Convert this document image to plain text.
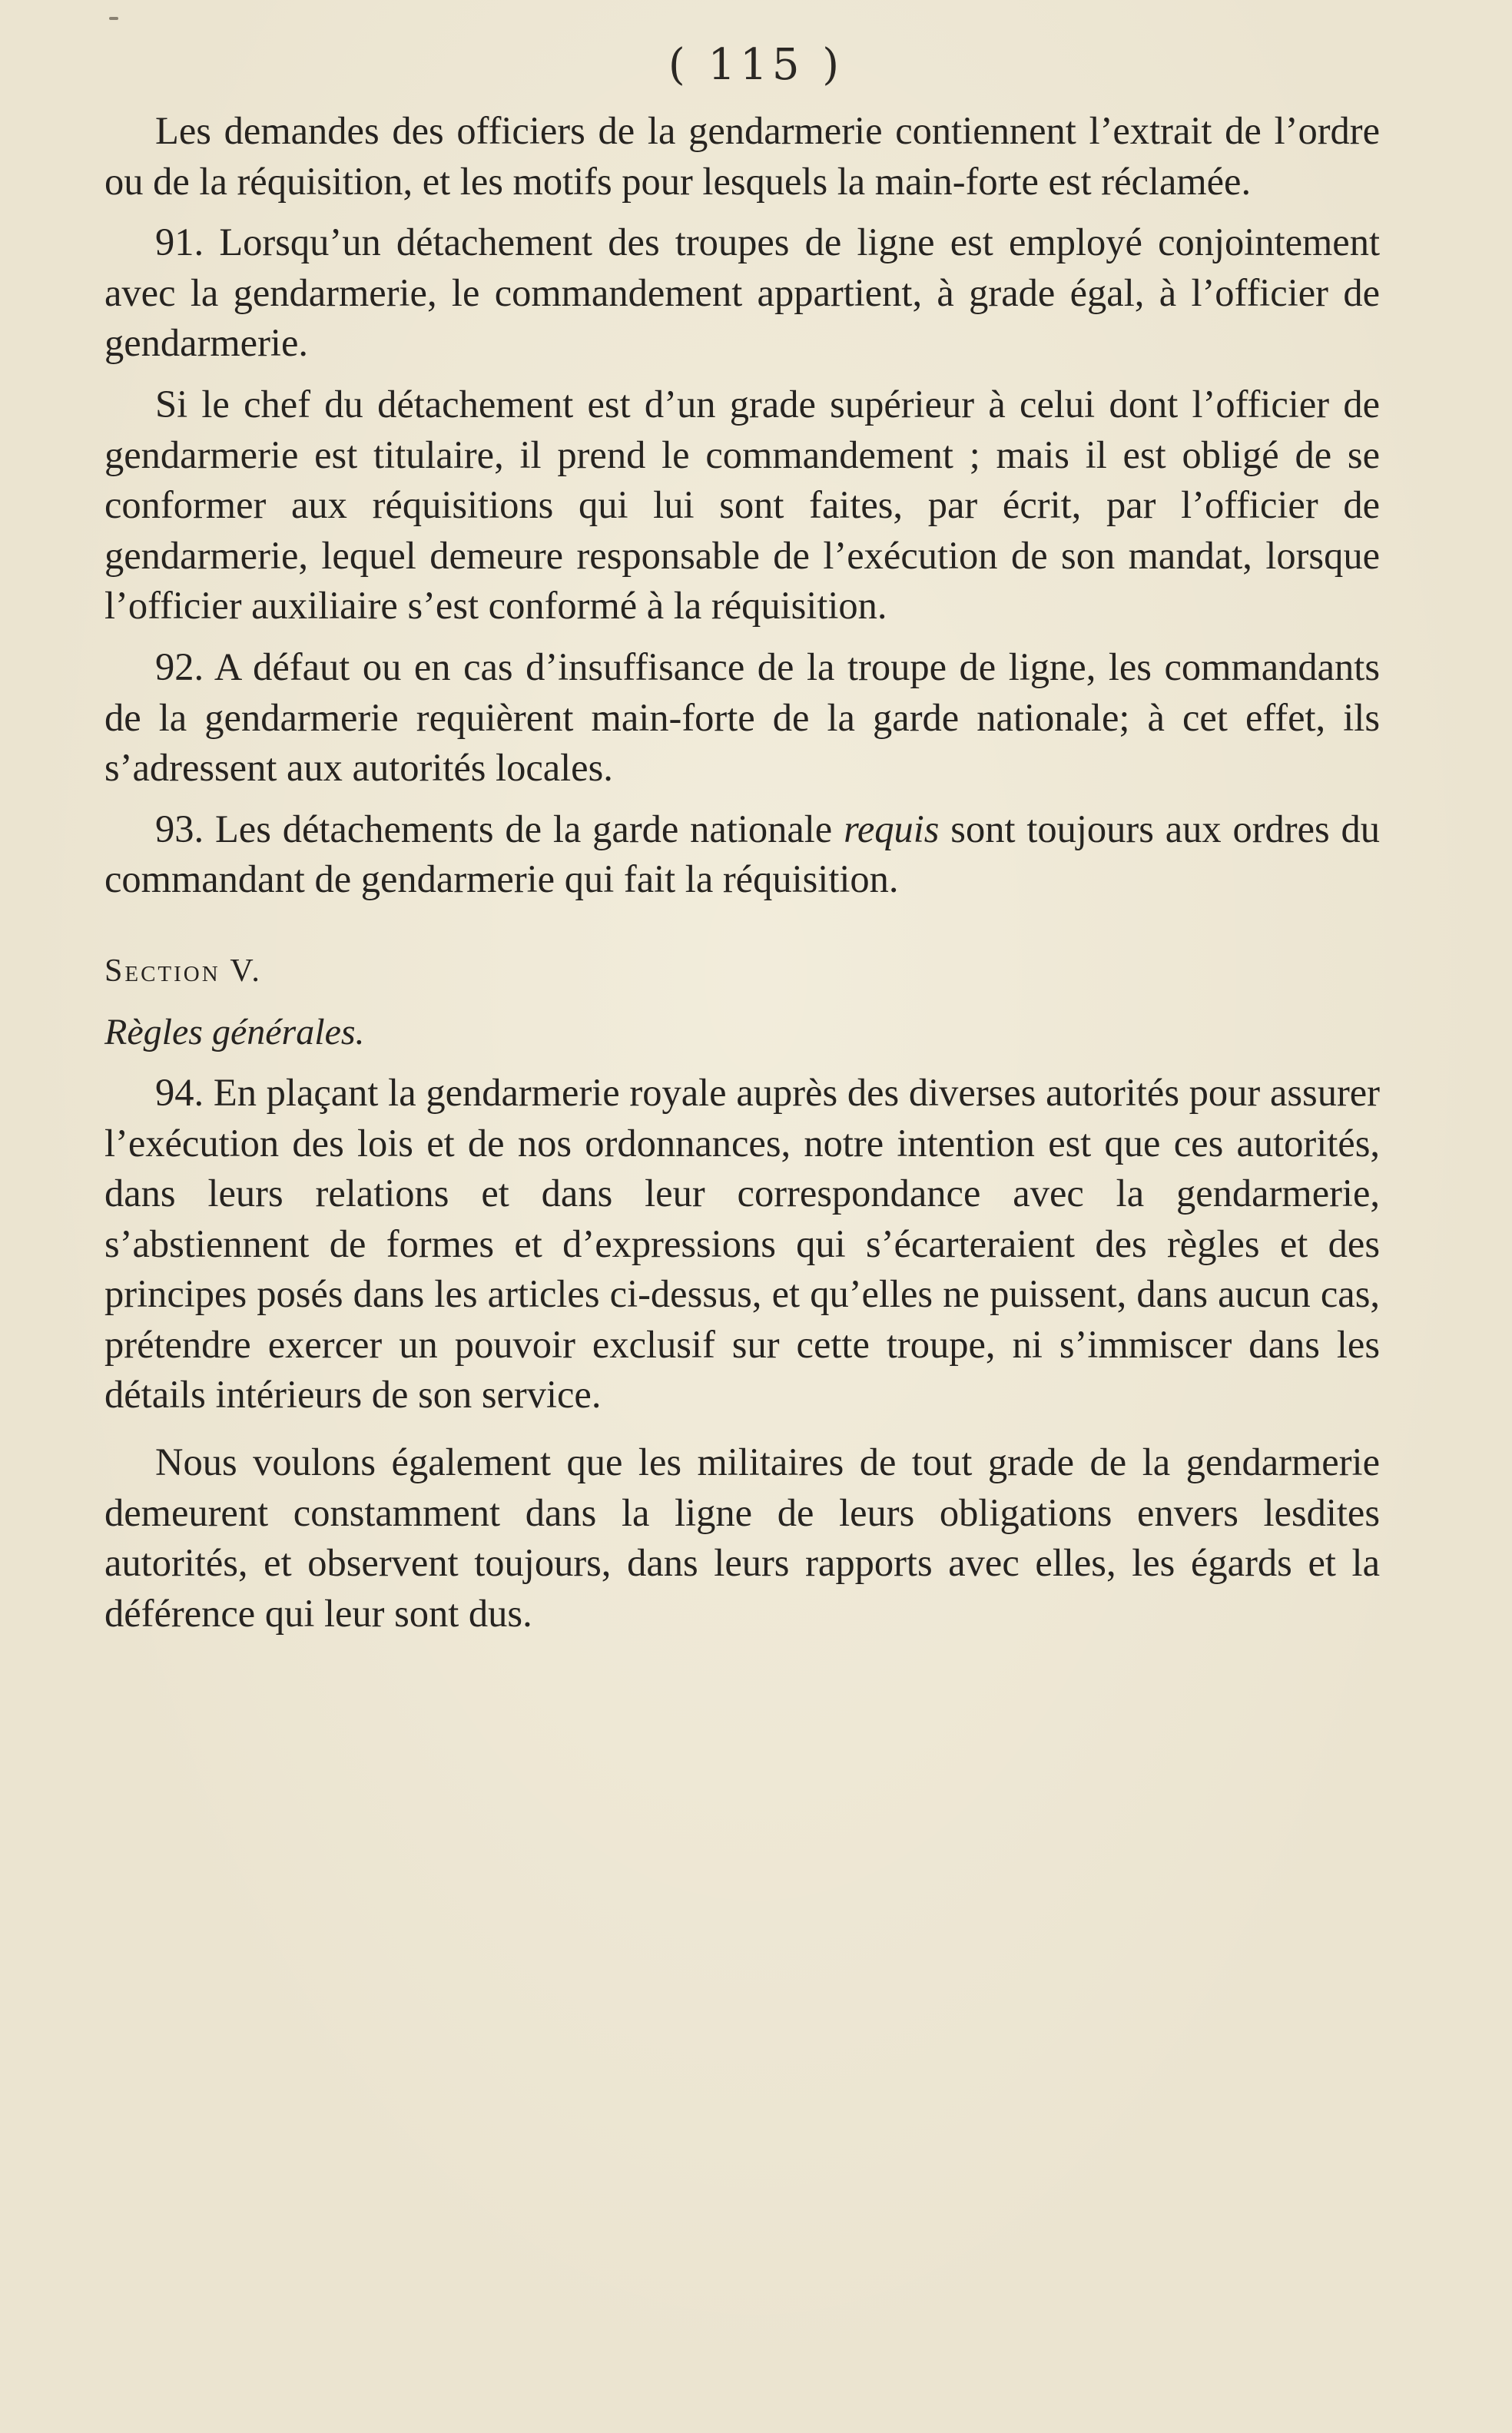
( 115 )

Les demandes des officiers de la gendarmerie contiennent l’extrait de l’ordre ou de la réquisition, et les motifs pour lesquels la main-forte est réclamée.

91. Lorsqu’un détachement des troupes de ligne est employé conjointement avec la gendarmerie, le commandement appartient, à grade égal, à l’officier de gendarmerie.

Si le chef du détachement est d’un grade supérieur à celui dont l’officier de gendarmerie est titulaire, il prend le commandement ; mais il est obligé de se conformer aux réquisitions qui lui sont faites, par écrit, par l’officier de gendarmerie, lequel demeure responsable de l’exécution de son mandat, lorsque l’officier auxiliaire s’est conformé à la réquisition.

92. A défaut ou en cas d’insuffisance de la troupe de ligne, les commandants de la gendarmerie requièrent main-forte de la garde nationale; à cet effet, ils s’adressent aux autorités locales.

93. Les détachements de la garde nationale requis sont toujours aux ordres du commandant de gendarmerie qui fait la réquisition.

Section V.

Règles générales.

94. En plaçant la gendarmerie royale auprès des diverses autorités pour assurer l’exécution des lois et de nos ordonnances, notre intention est que ces autorités, dans leurs relations et dans leur correspondance avec la gendarmerie, s’abstiennent de formes et d’expressions qui s’écarteraient des règles et des principes posés dans les articles ci-dessus, et qu’elles ne puissent, dans aucun cas, prétendre exercer un pouvoir exclusif sur cette troupe, ni s’immiscer dans les détails intérieurs de son service.

Nous voulons également que les militaires de tout grade de la gendarmerie demeurent constamment dans la ligne de leurs obligations envers lesdites autorités, et observent toujours, dans leurs rapports avec elles, les égards et la déférence qui leur sont dus.
